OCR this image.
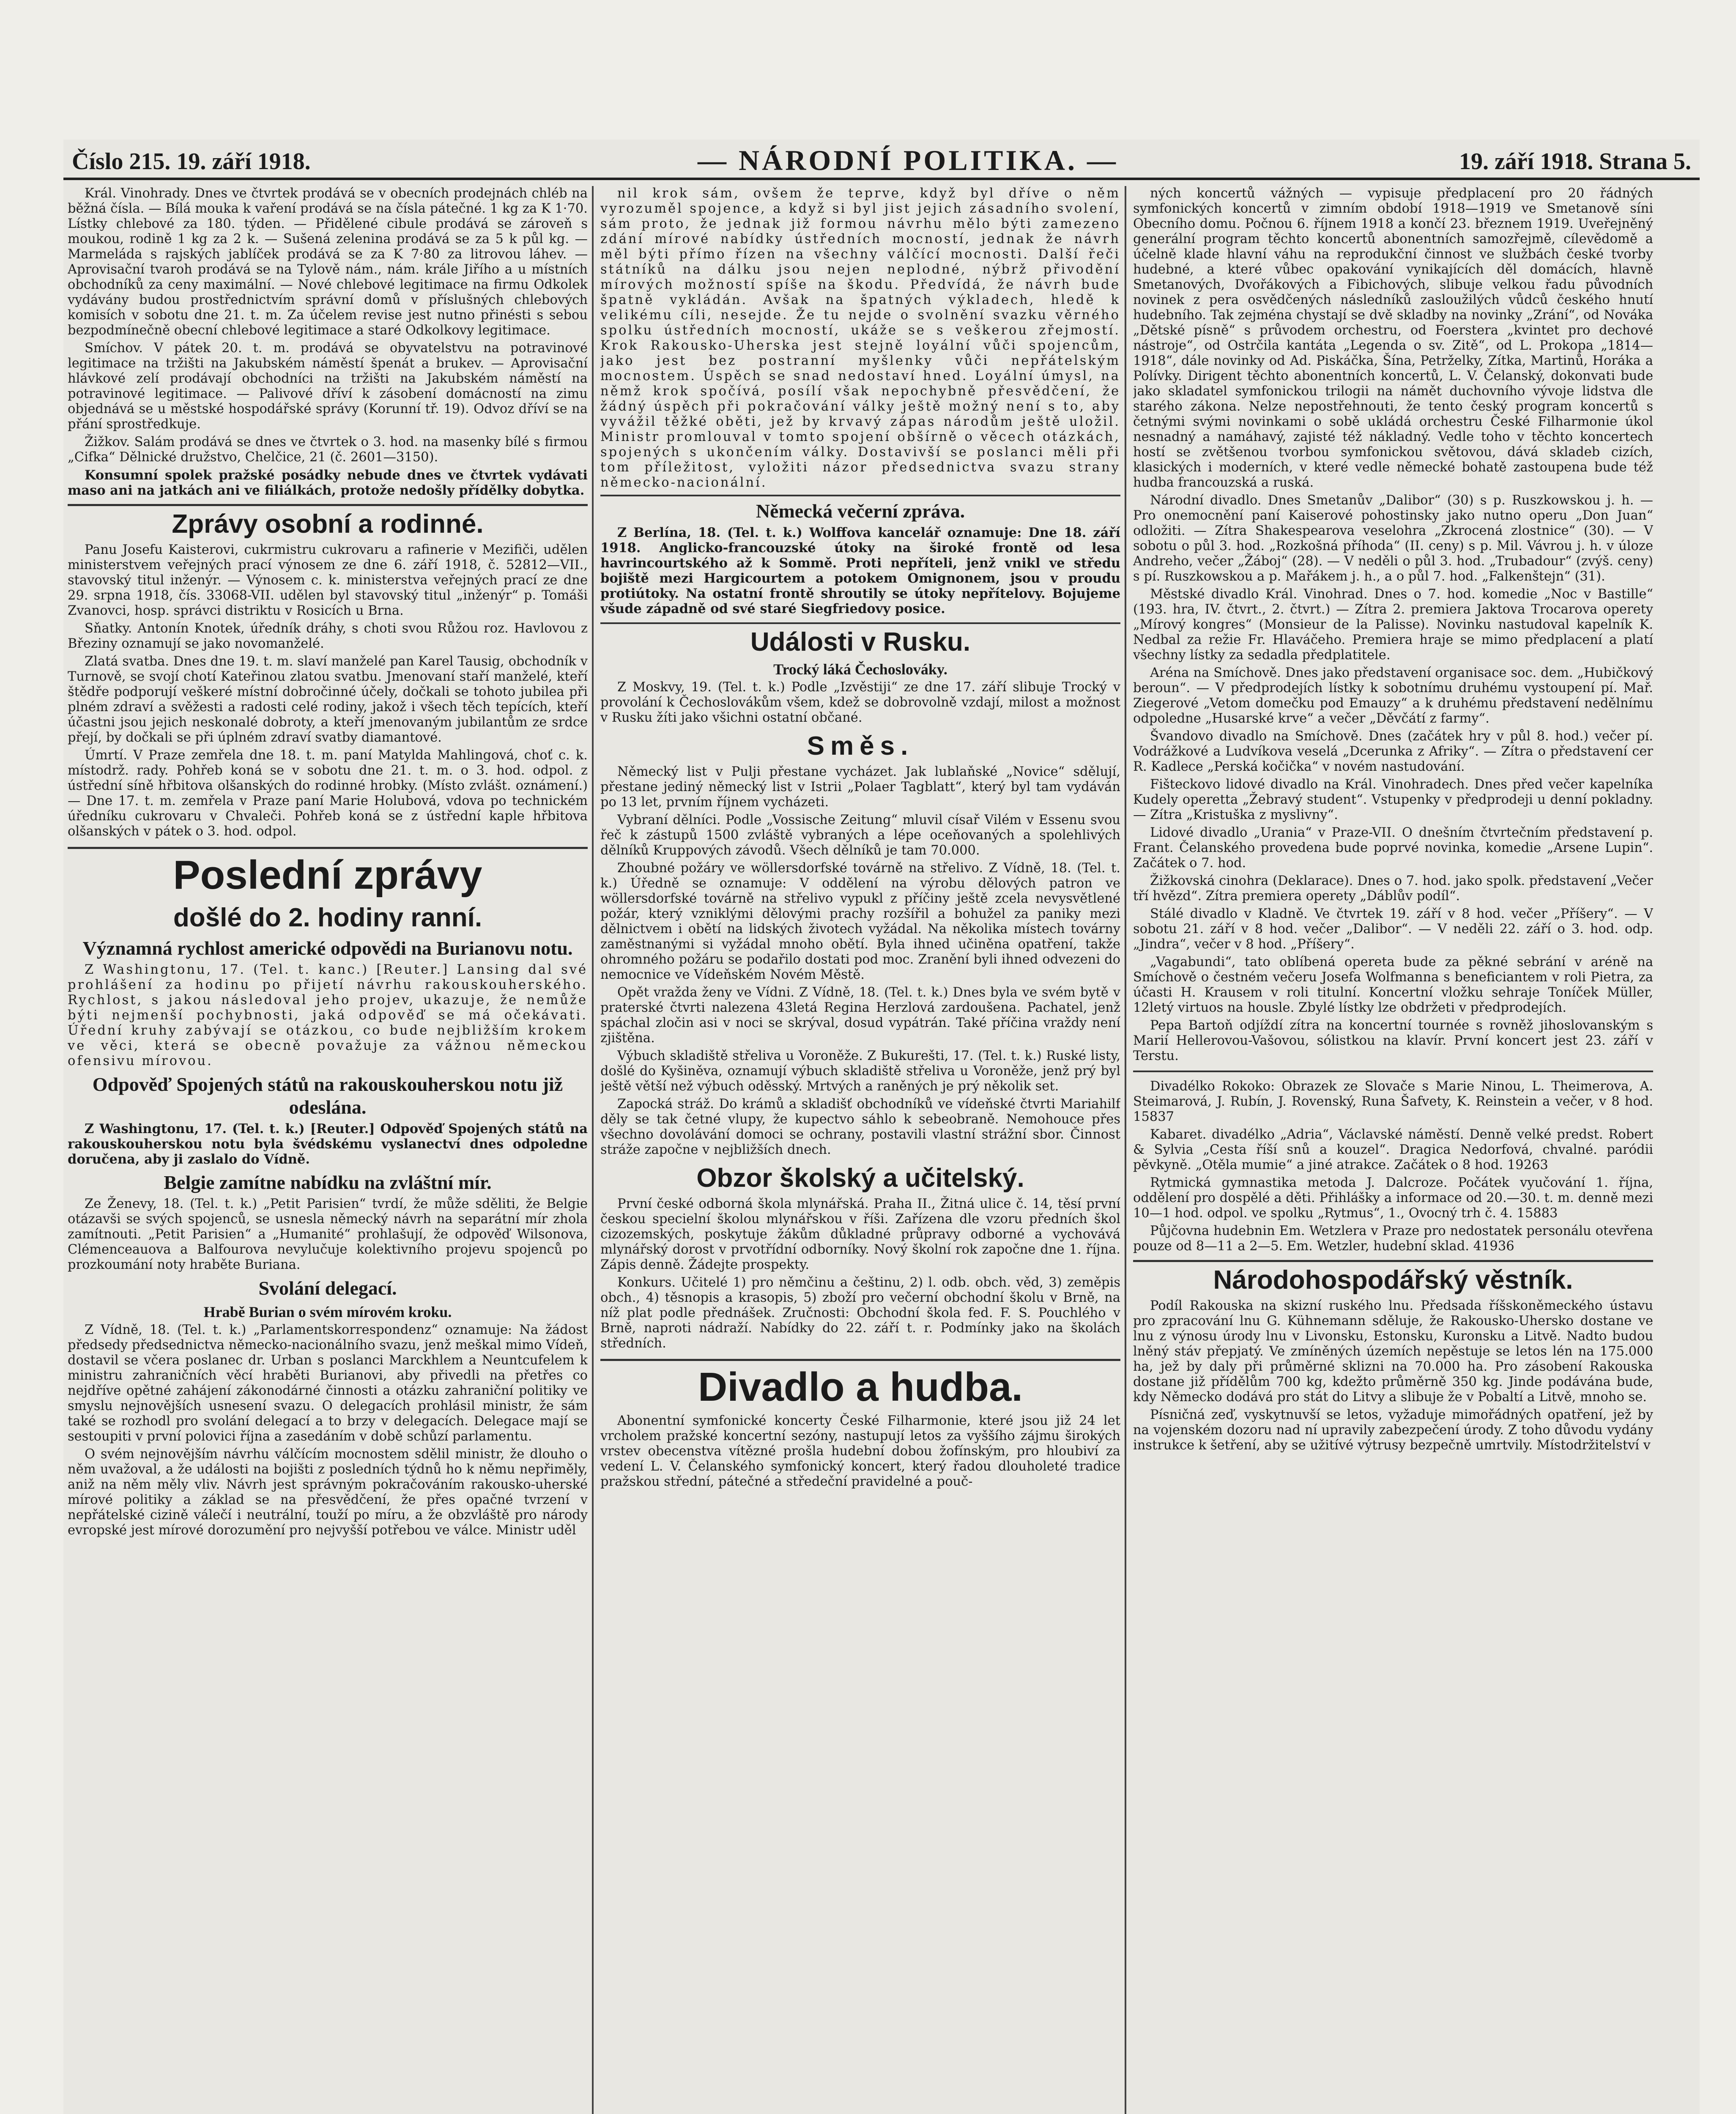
Číslo 215. 19. září 1918.	— NÁRODNÍ POLITIKA. —	19. září 1918. Strana 5.

Král. Vinohrady. Dnes ve čtvrtek prodává se v obecních prodejnách chléb na běžná čísla. — Bílá mouka k vaření prodává se na čísla pátečné. 1 kg za K 1·70. Lístky chlebové za 180. týden. — Přidělené cibule prodává se zároveň s moukou, rodině 1 kg za 2 k. — Sušená zelenina prodává se za 5 k půl kg. — Marmeláda s rajských jablíček prodává se za K 7·80 za litrovou láhev. — Aprovisační tvaroh prodává se na Tylově nám., nám. krále Jiřího a u místních obchodníků za ceny maximální. — Nové chlebové legitimace na firmu Odkolek vydávány budou prostřednictvím správní domů v příslušných chlebových komisích v sobotu dne 21. t. m. Za účelem revise jest nutno přinésti s sebou bezpodmínečně obecní chlebové legitimace a staré Odkolkovy legitimace.

Smíchov. V pátek 20. t. m. prodává se obyvatelstvu na potravinové legitimace na tržišti na Jakubském náměstí špenát a brukev. — Aprovisační hlávkové zelí prodávají obchodníci na tržišti na Jakubském náměstí na potravinové legitimace. — Palivové dříví k zásobení domácností na zimu objednává se u městské hospodářské správy (Korunní tř. 19). Odvoz dříví se na přání sprostředkuje.

Žižkov. Salám prodává se dnes ve čtvrtek o 3. hod. na masenky bílé s firmou „Cifka“ Dělnické družstvo, Chelčice, 21 (č. 2601—3150).

Konsumní spolek pražské posádky nebude dnes ve čtvrtek vydávati maso ani na jatkách ani ve filiálkách, protože nedošly přídělky dobytka.

Zprávy osobní a rodinné.

Panu Josefu Kaisterovi, cukrmistru cukrovaru a rafinerie v Mezifiči, udělen ministerstvem veřejných prací výnosem ze dne 6. září 1918, č. 52812—VII., stavovský titul inženýr. — Výnosem c. k. ministerstva veřejných prací ze dne 29. srpna 1918, čís. 33068-VII. udělen byl stavovský titul „inženýr“ p. Tomáši Zvanovci, hosp. správci distriktu v Rosicích u Brna.

Sňatky. Antonín Knotek, úředník dráhy, s choti svou Růžou roz. Havlovou z Březiny oznamují se jako novomanželé.

Zlatá svatba. Dnes dne 19. t. m. slaví manželé pan Karel Tausig, obchodník v Turnově, se svojí chotí Kateřinou zlatou svatbu. Jmenovaní staří manželé, kteří štědře podporují veškeré místní dobročinné účely, dočkali se tohoto jubilea při plném zdraví a svěžesti a radosti celé rodiny, jakož i všech těch tepících, kteří účastni jsou jejich neskonalé dobroty, a kteří jmenovaným jubilantům ze srdce přejí, by dočkali se při úplném zdraví svatby diamantové.

Úmrtí. V Praze zemřela dne 18. t. m. paní Matylda Mahlingová, choť c. k. místodrž. rady. Pohřeb koná se v sobotu dne 21. t. m. o 3. hod. odpol. z ústřední síně hřbitova olšanských do rodinné hrobky. (Místo zvlášt. oznámení.) — Dne 17. t. m. zemřela v Praze paní Marie Holubová, vdova po technickém úředníku cukrovaru v Chvaleči. Pohřeb koná se z ústřední kaple hřbitova olšanských v pátek o 3. hod. odpol.

Poslední zprávy
došlé do 2. hodiny ranní.
Významná rychlost americké odpovědi na Burianovu notu.

Z Washingtonu, 17. (Tel. t. kanc.) [Reuter.] Lansing dal své prohlášení za hodinu po přijetí návrhu rakouskouherského. Rychlost, s jakou následoval jeho projev, ukazuje, že nemůže býti nejmenší pochybnosti, jaká odpověď se má očekávati. Úřední kruhy zabývají se otázkou, co bude nejbližším krokem ve věci, která se obecně považuje za vážnou německou ofensivu mírovou.

Odpověď Spojených států na rakouskouherskou notu již odeslána.

Z Washingtonu, 17. (Tel. t. k.) [Reuter.] Odpověď Spojených států na rakouskouherskou notu byla švédskému vyslanectví dnes odpoledne doručena, aby ji zaslalo do Vídně.

Belgie zamítne nabídku na zvláštní mír.

Ze Ženevy, 18. (Tel. t. k.) „Petit Parisien“ tvrdí, že může sděliti, že Belgie otázavši se svých spojenců, se usnesla německý návrh na separátní mír zhola zamítnouti. „Petit Parisien“ a „Humanité“ prohlašují, že odpověď Wilsonova, Clémenceauova a Balfourova nevylučuje kolektivního projevu spojenců po prozkoumání noty hraběte Buriana.

Svolání delegací.
Hrabě Burian o svém mírovém kroku.

Z Vídně, 18. (Tel. t. k.) „Parlamentskorrespondenz“ oznamuje: Na žádost předsedy předsednictva německo-nacionálního svazu, jenž meškal mimo Vídeň, dostavil se včera poslanec dr. Urban s poslanci Marckhlem a Neuntcufelem k ministru zahraničních věcí hraběti Burianovi, aby přivedli na přetřes co nejdříve opětné zahájení zákonodárné činnosti a otázku zahraniční politiky ve smyslu nejnovějších usnesení svazu. O delegacích prohlásil ministr, že sám také se rozhodl pro svolání delegací a to brzy v delegacích. Delegace mají se sestoupiti v první polovici října a zasedáním v době schůzí parlamentu.

O svém nejnovějším návrhu válčícím mocnostem sdělil ministr, že dlouho o něm uvažoval, a že události na bojišti z posledních týdnů ho k němu nepřiměly, aniž na něm měly vliv. Návrh jest správným pokračováním rakousko-uherské mírové politiky a základ se na přesvědčení, že přes opačné tvrzení v nepřátelské cizině válečí i neutrální, touží po míru, a že obzvláště pro národy evropské jest mírové dorozumění pro nejvyšší potřebou ve válce. Ministr uděl

nil krok sám, ovšem že teprve, když byl dříve o něm vyrozuměl spojence, a když si byl jist jejich zásadního svolení, sám proto, že jednak již formou návrhu mělo býti zamezeno zdání mírové nabídky ústředních mocností, jednak že návrh měl býti přímo řízen na všechny válčící mocnosti. Další řeči státníků na dálku jsou nejen neplodné, nýbrž přivodění mírových možností spíše na škodu. Předvídá, že návrh bude špatně vykládán. Avšak na špatných výkladech, hledě k velikému cíli, nesejde. Že tu nejde o svolnění svazku věrného spolku ústředních mocností, ukáže se s veškerou zřejmostí. Krok Rakousko-Uherska jest stejně loyální vůči spojencům, jako jest bez postranní myšlenky vůči nepřátelským mocnostem. Úspěch se snad nedostaví hned. Loyální úmysl, na němž krok spočívá, posílí však nepochybně přesvědčení, že žádný úspěch při pokračování války ještě možný není s to, aby vyvážil těžké oběti, jež by krvavý zápas národům ještě uložil. Ministr promlouval v tomto spojení obšírně o věcech otázkách, spojených s ukončením války. Dostavivší se poslanci měli při tom příležitost, vyložiti názor předsednictva svazu strany německo-nacionální.

Německá večerní zpráva.

Z Berlína, 18. (Tel. t. k.) Wolffova kancelář oznamuje: Dne 18. září 1918. Anglicko-francouzské útoky na široké frontě od lesa havrincourtského až k Sommě. Proti nepříteli, jenž vnikl ve středu bojiště mezi Hargicourtem a potokem Omignonem, jsou v proudu protiútoky. Na ostatní frontě shroutily se útoky nepřítelovy. Bojujeme všude západně od své staré Siegfriedovy posice.

Události v Rusku.
Trocký láká Čechoslováky.

Z Moskvy, 19. (Tel. t. k.) Podle „Izvěstiji“ ze dne 17. září slibuje Trocký v provolání k Čechoslovákům všem, kdež se dobrovolně vzdají, milost a možnost v Rusku žíti jako všichni ostatní občané.

Směs.

Německý list v Pulji přestane vycházet. Jak lublaňské „Novice“ sdělují, přestane jediný německý list v Istrii „Polaer Tagblatt“, který byl tam vydáván po 13 let, prvním říjnem vycházeti.

Vybraní dělníci. Podle „Vossische Zeitung“ mluvil císař Vilém v Essenu svou řeč k zástupů 1500 zvláště vybraných a lépe oceňovaných a spolehlivých dělníků Kruppových závodů. Všech dělníků je tam 70.000.

Zhoubné požáry ve wöllersdorfské továrně na střelivo. Z Vídně, 18. (Tel. t. k.) Úředně se oznamuje: V oddělení na výrobu dělových patron ve wöllersdorfské továrně na střelivo vypukl z příčiny ještě zcela nevysvětlené požár, který vzniklými dělovými prachy rozšířil a bohužel za paniky mezi dělnictvem i obětí na lidských životech vyžádal. Na několika místech továrny zaměstnanými si vyžádal mnoho obětí. Byla ihned učiněna opatření, takže ohromného požáru se podařilo dostati pod moc. Zranění byli ihned odvezeni do nemocnice ve Vídeňském Novém Městě.

Opět vražda ženy ve Vídni. Z Vídně, 18. (Tel. t. k.) Dnes byla ve svém bytě v praterské čtvrti nalezena 43letá Regina Herzlová zardoušena. Pachatel, jenž spáchal zločin asi v noci se skrýval, dosud vypátrán. Také příčina vraždy není zjištěna.

Výbuch skladiště střeliva u Voroněže. Z Bukurešti, 17. (Tel. t. k.) Ruské listy, došlé do Kyšiněva, oznamují výbuch skladiště střeliva u Voroněže, jenž prý byl ještě větší než výbuch oděsský. Mrtvých a raněných je prý několik set.

Zapocká stráž. Do krámů a skladišť obchodníků ve vídeňské čtvrti Mariahilf děly se tak četné vlupy, že kupectvo sáhlo k sebeobraně. Nemohouce přes všechno dovolávání domoci se ochrany, postavili vlastní strážní sbor. Činnost stráže započne v nejbližších dnech.

Obzor školský a učitelský.

První české odborná škola mlynářská. Praha II., Žitná ulice č. 14, těsí první českou specielní školou mlynářskou v říši. Zařízena dle vzoru předních škol cizozemských, poskytuje žákům důkladné průpravy odborné a vychovává mlynářský dorost v prvotřídní odborníky. Nový školní rok započne dne 1. října. Zápis denně. Žádejte prospekty.

Konkurs. Učitelé 1) pro němčinu a češtinu, 2) l. odb. obch. věd, 3) zeměpis obch., 4) těsnopis a krasopis, 5) zboží pro večerní obchodní školu v Brně, na níž plat podle přednášek. Zručnosti: Obchodní škola fed. F. S. Pouchlého v Brně, naproti nádraží. Nabídky do 22. září t. r. Podmínky jako na školách středních.

Divadlo a hudba.

Abonentní symfonické koncerty České Filharmonie, které jsou již 24 let vrcholem pražské koncertní sezóny, nastupují letos za vyššího zájmu širokých vrstev obecenstva vítězné prošla hudební dobou žofínským, pro hloubiví za vedení L. V. Čelanského symfonický koncert, který řadou dlouholeté tradice pražskou střední, pátečné a středeční pravidelné a pouč-

ných koncertů vážných — vypisuje předplacení pro 20 řádných symfonických koncertů v zimním období 1918—1919 ve Smetanově síni Obecního domu. Počnou 6. říjnem 1918 a končí 23. březnem 1919. Uveřejněný generální program těchto koncertů abonentních samozřejmě, cílevědomě a účelně klade hlavní váhu na reprodukční činnost ve službách české tvorby hudebné, a které vůbec opakování vynikajících děl domácích, hlavně Smetanových, Dvořákových a Fibichových, slibuje velkou řadu původních novinek z pera osvědčených následníků zasloužilých vůdců českého hnutí hudebního. Tak zejména chystají se dvě skladby na novinky „Zrání“, od Nováka „Dětské písně“ s průvodem orchestru, od Foerstera „kvintet pro dechové nástroje“, od Ostrčila kantáta „Legenda o sv. Zitě“, od L. Prokopa „1814—1918“, dále novinky od Ad. Piskáčka, Šína, Petrželky, Zítka, Martinů, Horáka a Polívky. Dirigent těchto abonentních koncertů, L. V. Čelanský, dokonvati bude jako skladatel symfonickou trilogii na námět duchovního vývoje lidstva dle starého zákona. Nelze nepostřehnouti, že tento český program koncertů s četnými svými novinkami o sobě ukládá orchestru České Filharmonie úkol nesnadný a namáhavý, zajisté též nákladný. Vedle toho v těchto koncertech hostí se zvětšenou tvorbou symfonickou světovou, dává skladeb cizích, klasických i moderních, v které vedle německé bohatě zastoupena bude též hudba francouzská a ruská.

Národní divadlo. Dnes Smetanův „Dalibor“ (30) s p. Ruszkowskou j. h. — Pro onemocnění paní Kaiserové pohostinsky jako nutno operu „Don Juan“ odložiti. — Zítra Shakespearova veselohra „Zkrocená zlostnice“ (30). — V sobotu o půl 3. hod. „Rozkošná příhoda“ (II. ceny) s p. Mil. Vávrou j. h. v úloze Andreho, večer „Žáboj“ (28). — V neděli o půl 3. hod. „Trubadour“ (zvýš. ceny) s pí. Ruszkowskou a p. Mařákem j. h., a o půl 7. hod. „Falkenštejn“ (31).

Městské divadlo Král. Vinohrad. Dnes o 7. hod. komedie „Noc v Bastille“ (193. hra, IV. čtvrt., 2. čtvrt.) — Zítra 2. premiera Jaktova Trocarova operety „Mírový kongres“ (Monsieur de la Palisse). Novinku nastudoval kapelník K. Nedbal za režie Fr. Hlaváčeho. Premiera hraje se mimo předplacení a platí všechny lístky za sedadla předplatitele.

Aréna na Smíchově. Dnes jako představení organisace soc. dem. „Hubičkový beroun“. — V předprodejích lístky k sobotnímu druhému vystoupení pí. Mař. Ziegerové „Vetom domečku pod Emauzy“ a k druhému představení nedělnímu odpoledne „Husarské krve“ a večer „Děvčátí z farmy“.

Švandovo divadlo na Smíchově. Dnes (začátek hry v půl 8. hod.) večer pí. Vodrážkové a Ludvíkova veselá „Dcerunka z Afriky“. — Zítra o představení cer R. Kadlece „Perská kočička“ v novém nastudování.

Fišteckovo lidové divadlo na Král. Vinohradech. Dnes před večer kapelníka Kudely operetta „Žebravý student“. Vstupenky v předprodeji u denní pokladny. — Zítra „Kristuška z myslivny“.

Lidové divadlo „Urania“ v Praze-VII. O dnešním čtvrtečním představení p. Frant. Čelanského provedena bude poprvé novinka, komedie „Arsene Lupin“. Začátek o 7. hod.

Žižkovská cinohra (Deklarace). Dnes o 7. hod. jako spolk. představení „Večer tří hvězd“. Zítra premiera operety „Dáblův podíl“.

Stálé divadlo v Kladně. Ve čtvrtek 19. září v 8 hod. večer „Příšery“. — V sobotu 21. září v 8 hod. večer „Dalibor“. — V neděli 22. září o 3. hod. odp. „Jindra“, večer v 8 hod. „Příšery“.

„Vagabundi“, tato oblíbená opereta bude za pěkné sebrání v aréně na Smíchově o čestném večeru Josefa Wolfmanna s beneficiantem v roli Pietra, za účasti H. Krausem v roli titulní. Koncertní vložku sehraje Toníček Müller, 12letý virtuos na housle. Zbylé lístky lze obdržeti v předprodejích.

Pepa Bartoň odjíždí zítra na koncertní tournée s rovněž jihoslovanským s Marií Hellerovou-Vašovou, sólistkou na klavír. První koncert jest 23. září v Terstu.

Divadélko Rokoko: Obrazek ze Slovače s Marie Ninou, L. Theimerova, A. Steimarová, J. Rubín, J. Rovenský, Runa Šafvety, K. Reinstein a večer, v 8 hod. 15837

Kabaret. divadélko „Adria“, Václavské náměstí. Denně velké predst. Robert & Sylvia „Cesta říší snů a kouzel“. Dragica Nedorfová, chvalné. paródii pěvkyně. „Otěla mumie“ a jiné atrakce. Začátek o 8 hod. 19263

Rytmická gymnastika metoda J. Dalcroze. Počátek vyučování 1. října, oddělení pro dospělé a děti. Přihlášky a informace od 20.—30. t. m. denně mezi 10—1 hod. odpol. ve spolku „Rytmus“, 1., Ovocný trh č. 4. 15883

Půjčovna hudebnin Em. Wetzlera v Praze pro nedostatek personálu otevřena pouze od 8—11 a 2—5. Em. Wetzler, hudební sklad. 41936

Národohospodářský věstník.

Podíl Rakouska na skizní ruského lnu. Předsada říšskoněmeckého ústavu pro zpracování lnu G. Kühnemann sděluje, že Rakousko-Uhersko dostane ve lnu z výnosu úrody lnu v Livonsku, Estonsku, Kuronsku a Litvě. Nadto budou lněný stáv přepjatý. Ve zmíněných územích nepěstuje se letos lén na 175.000 ha, jež by daly při průměrné sklizni na 70.000 ha. Pro zásobení Rakouska dostane již přídělům 700 kg, kdežto průměrně 350 kg. Jinde podávána bude, kdy Německo dodává pro stát do Litvy a slibuje že v Pobaltí a Litvě, mnoho se.

Písničná zeď, vyskytnuvší se letos, vyžaduje mimořádných opatření, jež by na vojenském dozoru nad ní upravily zabezpečení úrody. Z toho důvodu vydány instrukce k šetření, aby se užitívé výtrusy bezpečně umrtvily. Místodržitelství v
